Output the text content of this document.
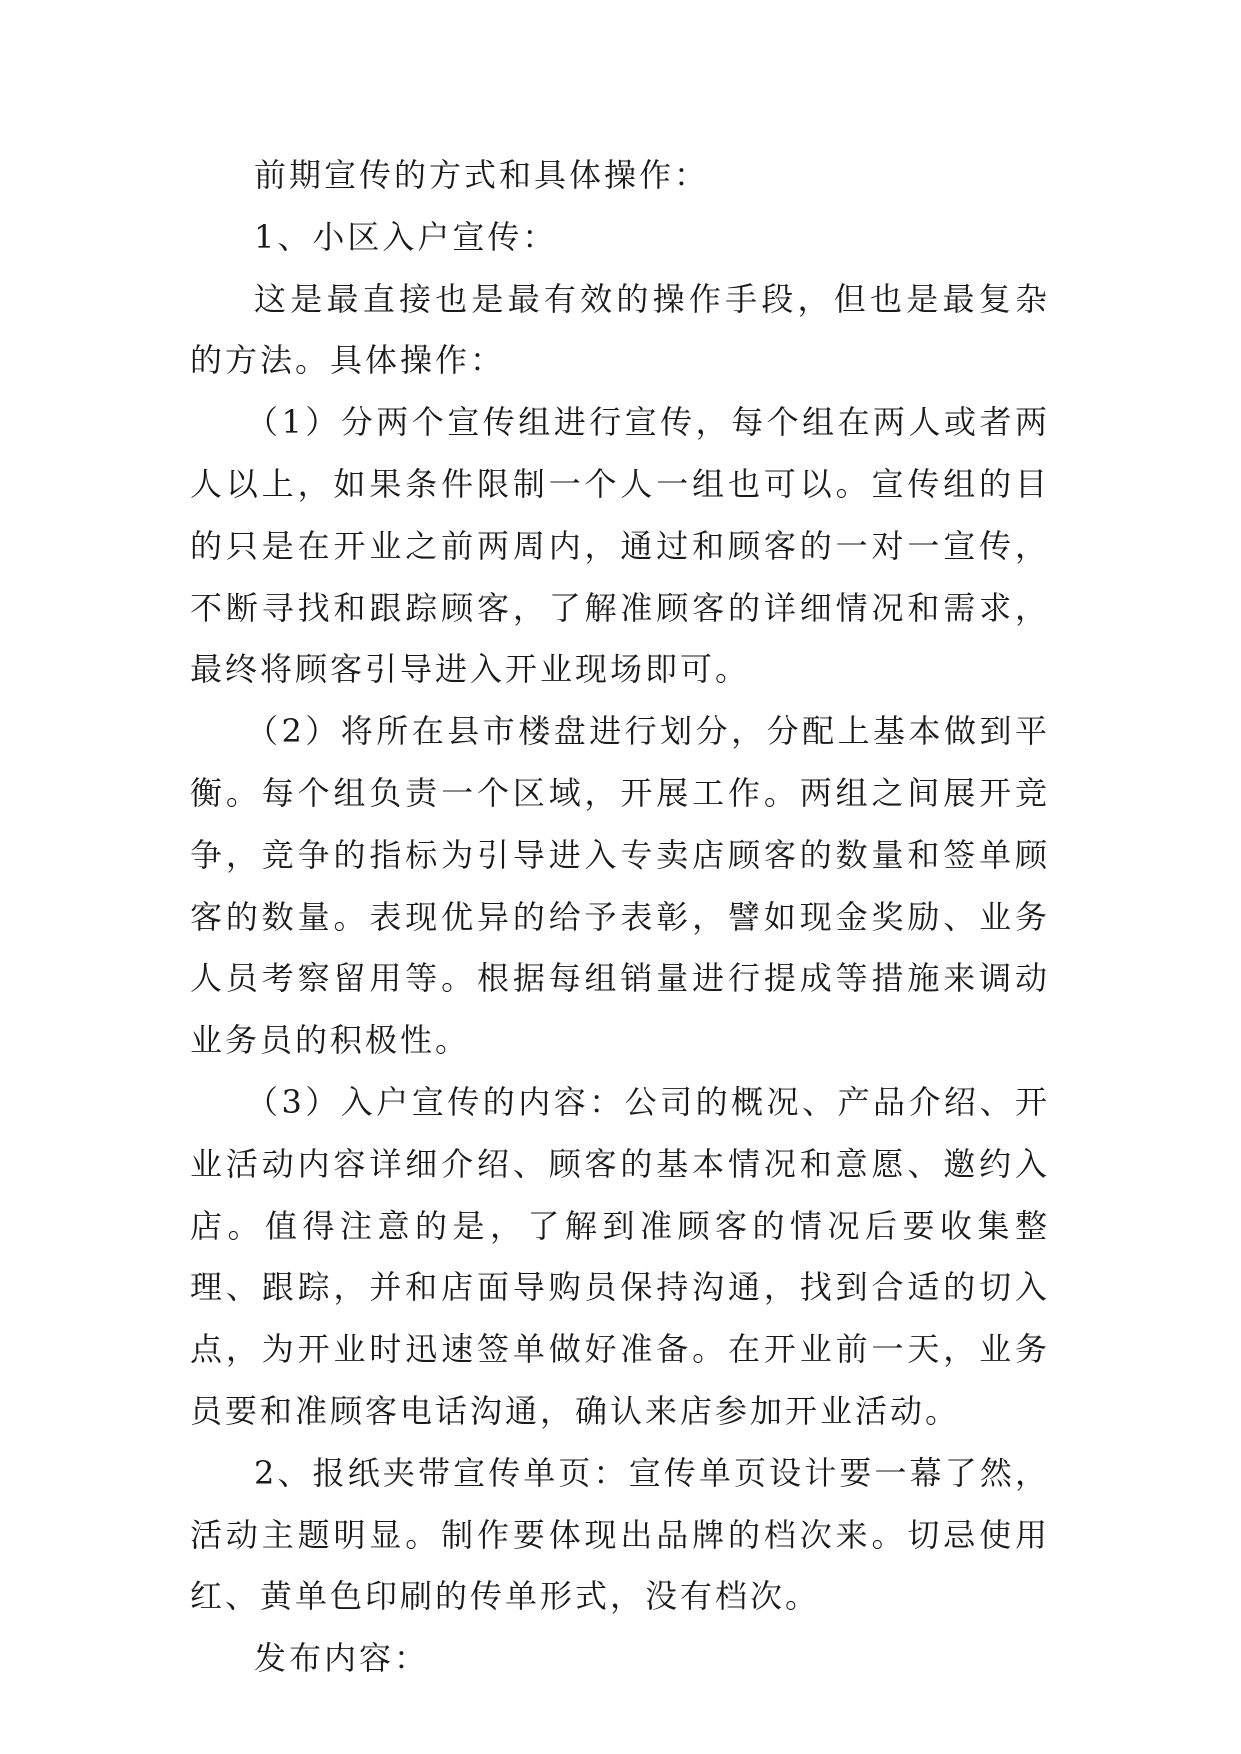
前期宣传的方式和具体操作：

1、小区入户宣传：

这是最直接也是最有效的操作手段，但也是最复杂的方法。具体操作：

（1）分两个宣传组进行宣传，每个组在两人或者两人以上，如果条件限制一个人一组也可以。宣传组的目的只是在开业之前两周内，通过和顾客的一对一宣传，不断寻找和跟踪顾客，了解准顾客的详细情况和需求，最终将顾客引导进入开业现场即可。

（2）将所在县市楼盘进行划分，分配上基本做到平衡。每个组负责一个区域，开展工作。两组之间展开竞争，竞争的指标为引导进入专卖店顾客的数量和签单顾客的数量。表现优异的给予表彰，譬如现金奖励、业务人员考察留用等。根据每组销量进行提成等措施来调动业务员的积极性。

（3）入户宣传的内容：公司的概况、产品介绍、开业活动内容详细介绍、顾客的基本情况和意愿、邀约入店。值得注意的是，了解到准顾客的情况后要收集整理、跟踪，并和店面导购员保持沟通，找到合适的切入点，为开业时迅速签单做好准备。在开业前一天，业务员要和准顾客电话沟通，确认来店参加开业活动。

2、报纸夹带宣传单页：宣传单页设计要一幕了然，活动主题明显。制作要体现出品牌的档次来。切忌使用红、黄单色印刷的传单形式，没有档次。

发布内容：
